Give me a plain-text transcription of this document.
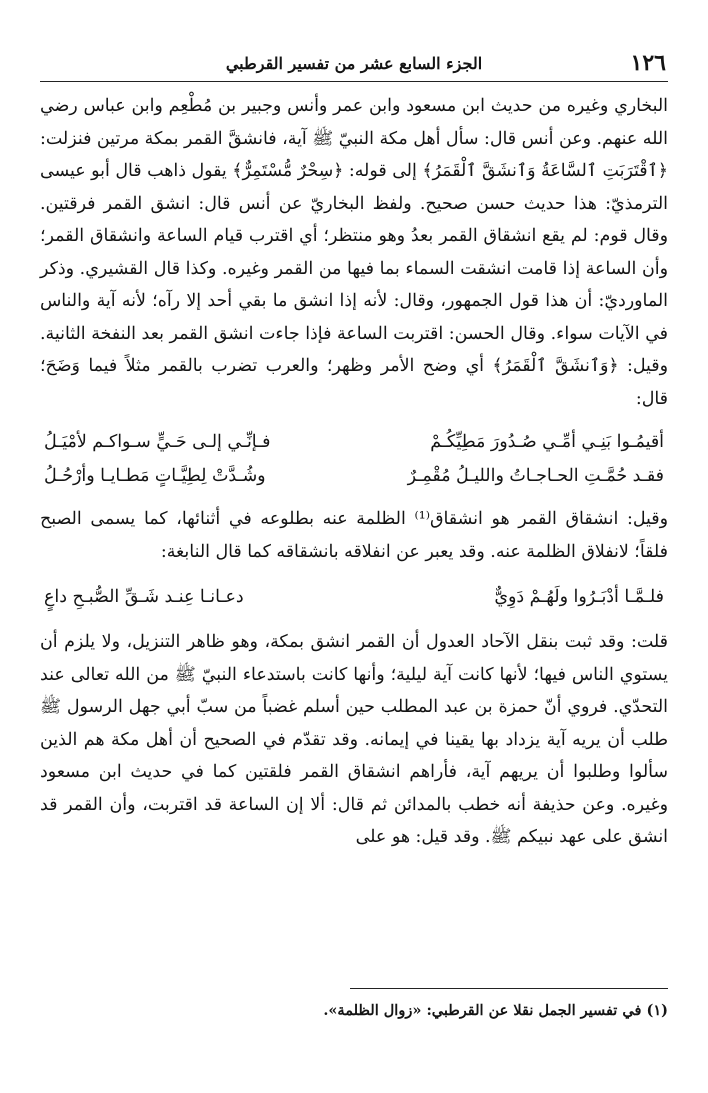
١٢٦
الجزء السابع عشر من تفسير القرطبي

البخاري وغيره من حديث ابن مسعود وابن عمر وأنس وجبير بن مُطْعِم وابن عباس رضي الله عنهم. وعن أنس قال: سأل أهل مكة النبيّ ﷺ آية، فانشقَّ القمر بمكة مرتين فنزلت: ﴿ٱقْتَرَبَتِ ٱلسَّاعَةُ وَٱنشَقَّ ٱلْقَمَرُ﴾ إلى قوله: ﴿سِحْرٌ مُّسْتَمِرٌّ﴾ يقول ذاهب قال أبو عيسى الترمذيّ: هذا حديث حسن صحيح. ولفظ البخاريّ عن أنس قال: انشق القمر فرقتين. وقال قوم: لم يقع انشقاق القمر بعدُ وهو منتظر؛ أي اقترب قيام الساعة وانشقاق القمر؛ وأن الساعة إذا قامت انشقت السماء بما فيها من القمر وغيره. وكذا قال القشيري. وذكر الماورديّ: أن هذا قول الجمهور، وقال: لأنه إذا انشق ما بقي أحد إلا رآه؛ لأنه آية والناس في الآيات سواء. وقال الحسن: اقتربت الساعة فإذا جاءت انشق القمر بعد النفخة الثانية. وقيل: ﴿وَٱنشَقَّ ٱلْقَمَرُ﴾ أي وضح الأمر وظهر؛ والعرب تضرب بالقمر مثلاً فيما وَضَحَ؛ قال:

أقيمُـوا بَنِـي أمِّـي صُـدُورَ مَطِيِّكُـمْ
فـإنِّـي إلـى حَـيٍّ سـواكـم لأمْيَـلُ
فقـد حُمَّـتِ الحـاجـاتُ والليـلُ مُقْمِـرٌ
وشُـدَّتْ لِطِيَّـاتٍ مَطـايـا وأرْحُـلُ

وقيل: انشقاق القمر هو انشقاق⁽¹⁾ الظلمة عنه بطلوعه في أثنائها، كما يسمى الصبح فلقاً؛ لانفلاق الظلمة عنه. وقد يعبر عن انفلاقه بانشقاقه كما قال النابغة:

فلـمَّـا أدْبَـرُوا ولَهُـمْ دَوِيٌّ
دعـانـا عِنـد شَـقِّ الصُّبـحِ داعٍ

قلت: وقد ثبت بنقل الآحاد العدول أن القمر انشق بمكة، وهو ظاهر التنزيل، ولا يلزم أن يستوي الناس فيها؛ لأنها كانت آية ليلية؛ وأنها كانت باستدعاء النبيّ ﷺ من الله تعالى عند التحدّي. فروي أنّ حمزة بن عبد المطلب حين أسلم غضباً من سبّ أبي جهل الرسول ﷺ طلب أن يريه آية يزداد بها يقينا في إيمانه. وقد تقدّم في الصحيح أن أهل مكة هم الذين سألوا وطلبوا أن يريهم آية، فأراهم انشقاق القمر فلقتين كما في حديث ابن مسعود وغيره. وعن حذيفة أنه خطب بالمدائن ثم قال: ألا إن الساعة قد اقتربت، وأن القمر قد انشق على عهد نبيكم ﷺ. وقد قيل: هو على

(١) في تفسير الجمل نقلا عن القرطبي: «زوال الظلمة».
